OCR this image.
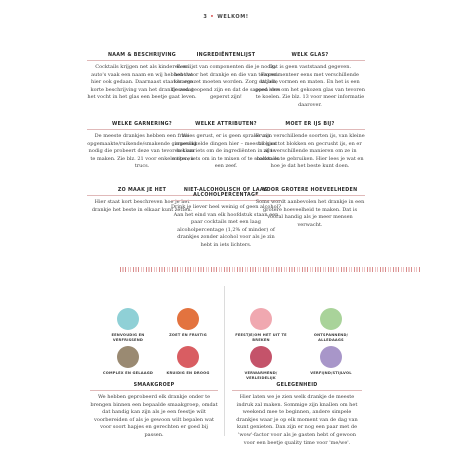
3 • WELKOM!
NAAM & BESCHRIJVING
Cocktails krijgen net als kinderen en auto's vaak een naam en wij hebben dat hier ook gedaan. Daarnaast staat er een korte beschrijving van het drankje zodat het vocht in het glas een beetje gaat leven.
INGREDIËNTENLIJST
Een lijst van componenten die je nodig hebt voor het drankje en die van tevoren klaargezet moeten worden. Zorg dat alle flessen geopend zijn en dat de sappen vers geperst zijn!
WELK GLAS?
Dat is geen vaststaand gegeven. Experimenteer eens met verschillende stijlen, vormen en maten. En het is een goed idee om het gekozen glas van tevoren te koelen. Zie blz. 13 voor meer informatie daarover.
WELKE GARNERING?
De meeste drankjes hebben een fraai opgemaakte/ruikende/smakende garnering nodig die probeert deze van tevoren klaar te maken. Zie blz. 21 voor enkele tips en trucs.
WELKE ATTRIBUTEN?
Wees gerust, er is geen sprake van ingewikkelde dingen hier – meestal gaat het om iets om de ingrediënten in af te meten, iets om in te mixen of te shaken en een zeef.
MOET ER IJS BIJ?
Er zijn verschillende soorten ijs, van kleine blokjes tot blokken en gecrusht ijs, en er zijn verschillende manieren om ze in cocktails te gebruiken. Hier lees je wat en hoe je dat het beste kunt doen.
ZO MAAK JE HET
Hier staat kort beschreven hoe je het drankje het beste in elkaar kunt zetten.
NIET-ALCOHOLISCH OF LAAG ALCOHOLPERCENTAGE
Drink je liever heel weinig of geen alcohol? Aan het eind van elk hoofdstuk staan een paar cocktails met een laag alcoholpercentage (1,2% of minder) of drankjes zonder alcohol voor als je zin hebt in iets lichters.
VOOR GROTERE HOEVEELHEDEN
Soms wordt aanbevolen het drankje in een grotere hoeveelheid te maken. Dat is vooral handig als je meer mensen verwacht.
EENVOUDIG EN VERFRISSEND
ZOET EN FRUITIG
COMPLEX EN GELAAGD	KRUIDIG EN DROOG
FEESTJE/OM HET UIT TE BREKEN
ONTSPANNEND/ ALLEDAAGS
VERWARMEND/ VERLEIDELIJK
VERFIJND/STIJLVOL
SMAAKGROEP
We hebben geprobeerd elk drankje onder te brengen binnen een bepaalde smaakgroep, omdat dat handig kan zijn als je een feestje wilt voorbereiden of als je gewoon wilt bepalen wat voor soort hapjes en gerechten er goed bij passen.
GELEGENHEID
Hier laten we je zien welk drankje de meeste indruk zal maken. Sommige zijn knallen om het weekend mee te beginnen, andere simpele drankjes waar je op elk moment van de dag van kunt genieten. Dan zijn er nog een paar met de 'wow'-factor voor als je gasten hebt of gewoon voor een beetje quality time voor 'me/we'.
